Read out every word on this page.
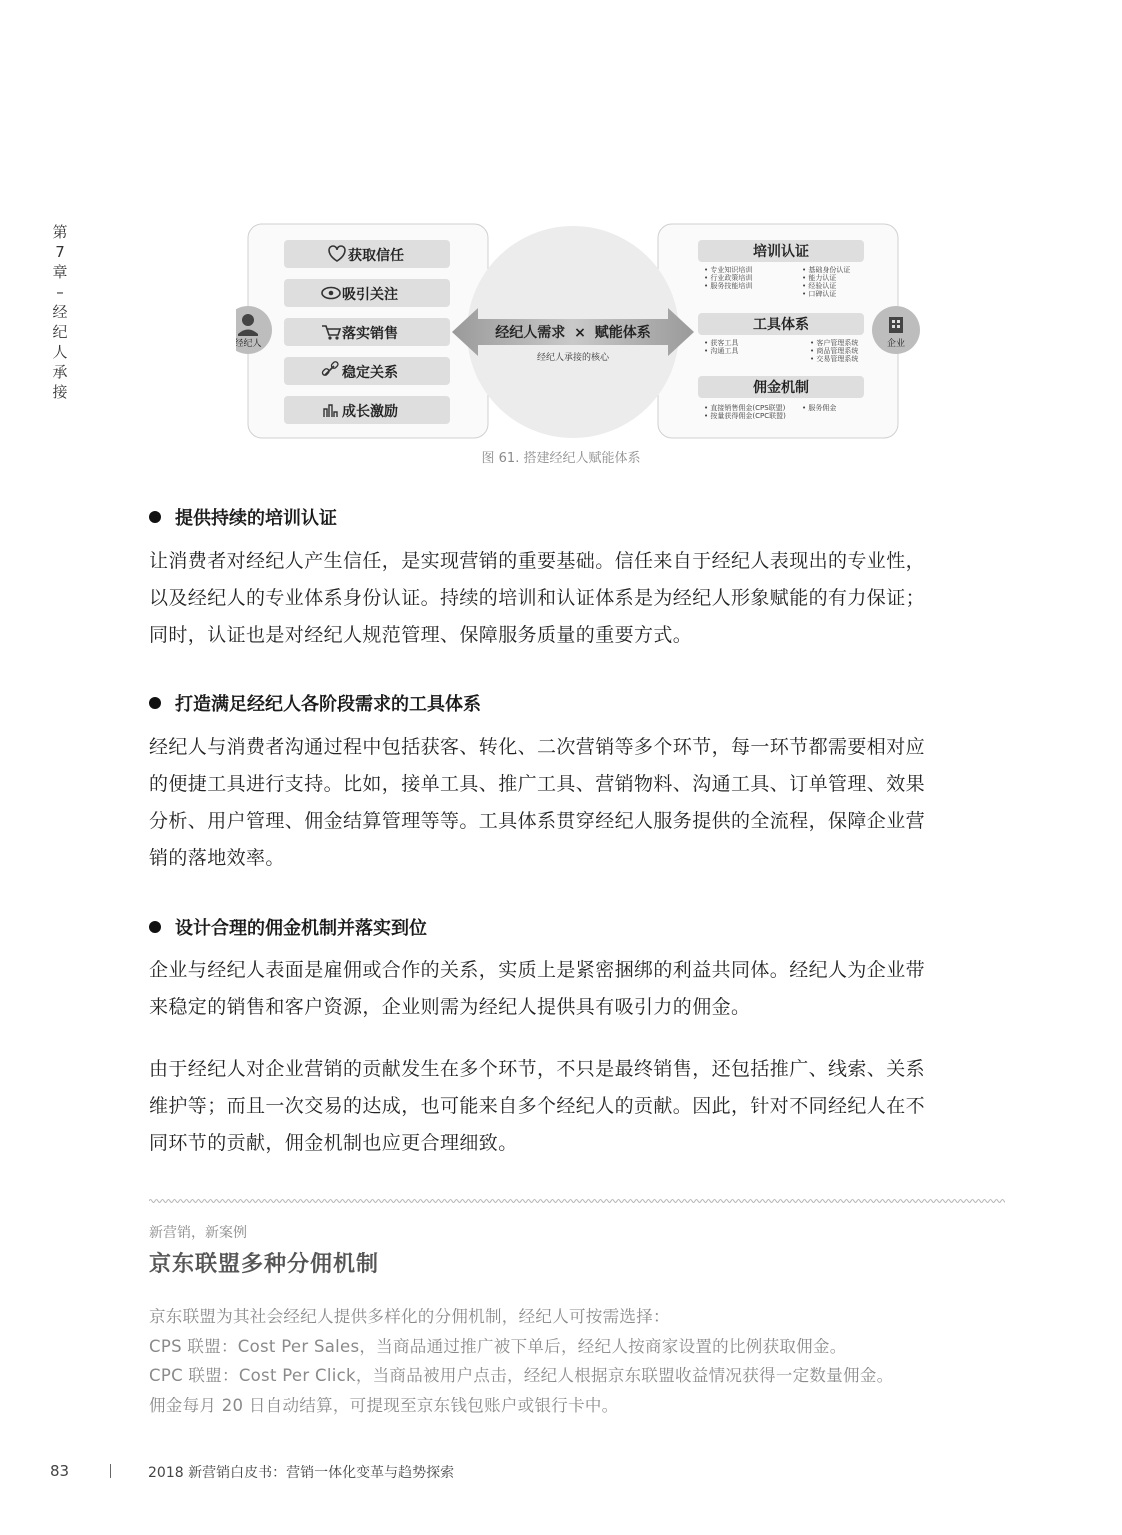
第
7
章
–
经
纪
人
承
接
经纪人	企业
获取信任
吸引关注
落实销售
稳定关系
成长激励
经纪人需求 × 赋能体系
经纪人承接的核心
培训认证
• 专业知识培训 • 行业政策培训 • 服务技能培训
• 基础身份认证 • 能力认证 • 经验认证 • 口碑认证
工具体系
• 获客工具 • 沟通工具
• 客户管理系统 • 商品管理系统 • 交易管理系统
佣金机制
• 直接销售佣金(CPS联盟) • 按量获得佣金(CPC联盟)
• 服务佣金
图 61. 搭建经纪人赋能体系
提供持续的培训认证
让消费者对经纪人产生信任，是实现营销的重要基础。信任来自于经纪人表现出的专业性，
以及经纪人的专业体系身份认证。持续的培训和认证体系是为经纪人形象赋能的有力保证；
同时，认证也是对经纪人规范管理、保障服务质量的重要方式。
打造满足经纪人各阶段需求的工具体系
经纪人与消费者沟通过程中包括获客、转化、二次营销等多个环节，每一环节都需要相对应
的便捷工具进行支持。比如，接单工具、推广工具、营销物料、沟通工具、订单管理、效果
分析、用户管理、佣金结算管理等等。工具体系贯穿经纪人服务提供的全流程，保障企业营
销的落地效率。
设计合理的佣金机制并落实到位
企业与经纪人表面是雇佣或合作的关系，实质上是紧密捆绑的利益共同体。经纪人为企业带
来稳定的销售和客户资源，企业则需为经纪人提供具有吸引力的佣金。
由于经纪人对企业营销的贡献发生在多个环节，不只是最终销售，还包括推广、线索、关系
维护等；而且一次交易的达成，也可能来自多个经纪人的贡献。因此，针对不同经纪人在不
同环节的贡献，佣金机制也应更合理细致。
新营销，新案例
京东联盟多种分佣机制
京东联盟为其社会经纪人提供多样化的分佣机制，经纪人可按需选择：
CPS 联盟：Cost Per Sales，当商品通过推广被下单后，经纪人按商家设置的比例获取佣金。
CPC 联盟：Cost Per Click，当商品被用户点击，经纪人根据京东联盟收益情况获得一定数量佣金。
佣金每月 20 日自动结算，可提现至京东钱包账户或银行卡中。
83	2018 新营销白皮书：营销一体化变革与趋势探索
